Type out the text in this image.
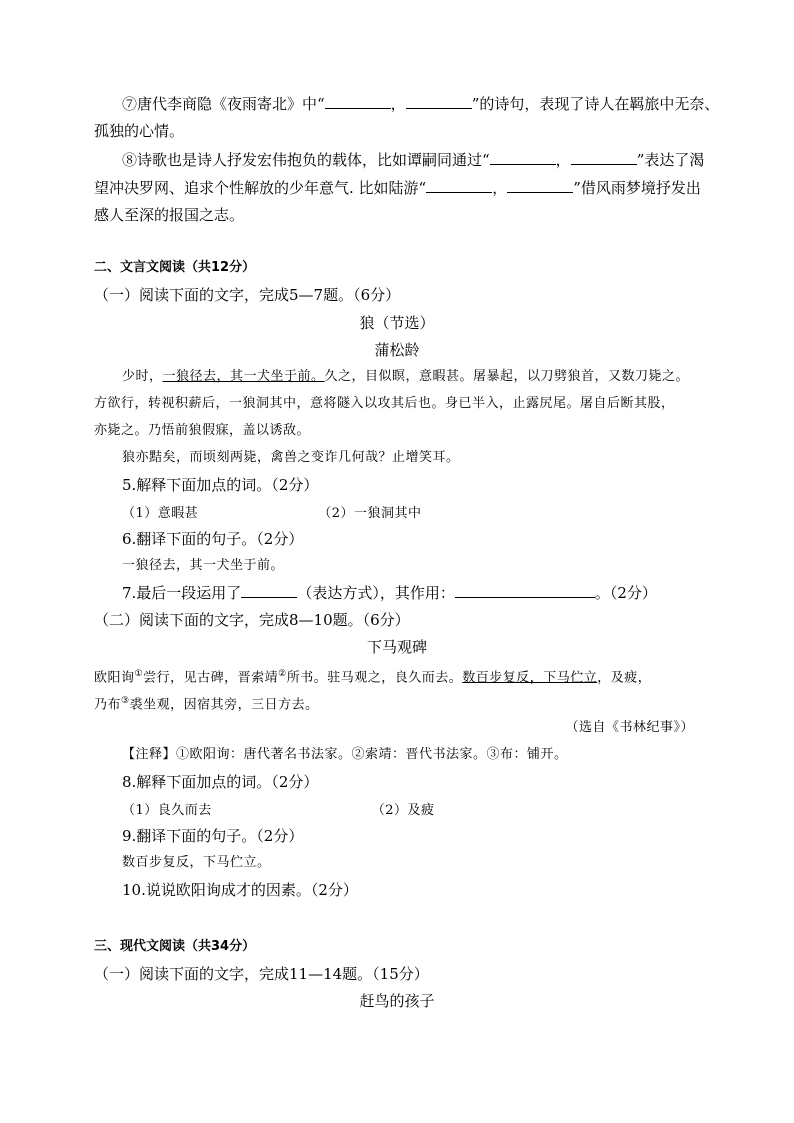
⑦唐代李商隐《夜雨寄北》中“	，	”的诗句，表现了诗人在羁旅中无奈、
孤独的心情。
⑧诗歌也是诗人抒发宏伟抱负的载体，比如谭嗣同通过“	，	”表达了渴
望冲决罗网、追求个性解放的少年意气. 比如陆游“	，	”借风雨梦境抒发出
感人至深的报国之志。
二、文言文阅读（共12分）
（一）阅读下面的文字，完成5—7题。（6分）
狼（节选）
蒲松龄
少时，一狼径去，其一犬坐于前。久之，目似瞑，意暇甚。屠暴起，以刀劈狼首，又数刀毙之。
方欲行，转视积薪后，一狼洞其中，意将隧入以攻其后也。身已半入，止露尻尾。屠自后断其股，
亦毙之。乃悟前狼假寐，盖以诱敌。
狼亦黠矣，而顷刻两毙，禽兽之变诈几何哉？止增笑耳。
5.解释下面加点的词。（2分）
（1）意暇甚	（2）一狼洞其中
6.翻译下面的句子。（2分）
一狼径去，其一犬坐于前。
7.最后一段运用了	（表达方式），其作用：	。（2分）
（二）阅读下面的文字，完成8—10题。（6分）
下马观碑
欧阳询①尝行，见古碑，晋索靖②所书。驻马观之，良久而去。数百步复反，下马伫立，及疲，
乃布③裘坐观，因宿其旁，三日方去。
（选自《书林纪事》）
【注释】①欧阳询：唐代著名书法家。②索靖：晋代书法家。③布：铺开。
8.解释下面加点的词。（2分）
（1）良久而去	（2）及疲
9.翻译下面的句子。（2分）
数百步复反，下马伫立。
10.说说欧阳询成才的因素。（2分）
三、现代文阅读（共34分）
（一）阅读下面的文字，完成11—14题。（15分）
赶鸟的孩子
